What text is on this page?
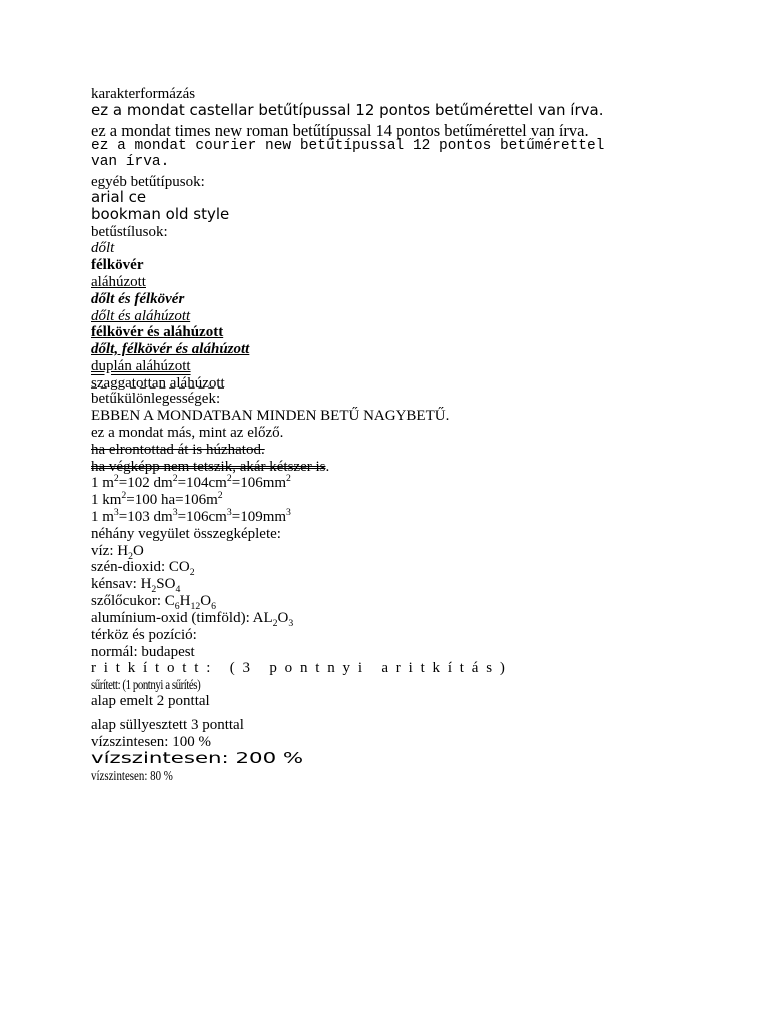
karakterformázás
ez a mondat castellar betűtípussal 12 pontos betűmérettel van írva.
ez a mondat times new roman betűtípussal 14 pontos betűmérettel van írva.
ez a mondat courier new betűtípussal 12 pontos betűmérettel
van írva.
egyéb betűtípusok:
arial ce
bookman old style
betűstílusok:
dőlt
félkövér
aláhúzott
dőlt és félkövér
dőlt és aláhúzott
félkövér és aláhúzott
dőlt, félkövér és aláhúzott
duplán aláhúzott
szaggatottan aláhúzott
betűkülönlegességek:
EBBEN A MONDATBAN MINDEN BETŰ NAGYBETŰ.
ez a mondat más, mint az előző.
ha elrontottad át is húzhatod.
ha végképp nem tetszik, akár kétszer is.
1 $m^2=102$ $dm^2=104cm^2=106mm^2$
1 $km^2=100$ $ha=106m^2$
1 $m^3=103$ $dm^3=106cm^3=109mm^3$
néhány vegyület összegképlete:
víz: $H_2O$
szén-dioxid: $CO_2$
kénsav: $H_2SO_4$
szőlőcukor: $C_6H_{12}O_6$
alumínium-oxid (timföld): $AL_2O_3$
térköz és pozíció:
normál: budapest
ritkított: (3 pontnyi aritkítás)
sűrített: (1 pontnyi a sűrítés)
alap emelt 2 ponttal
alap süllyesztett 3 ponttal
vízszintesen: 100 %
vízszintesen: 200 %
vízszintesen: 80 %
